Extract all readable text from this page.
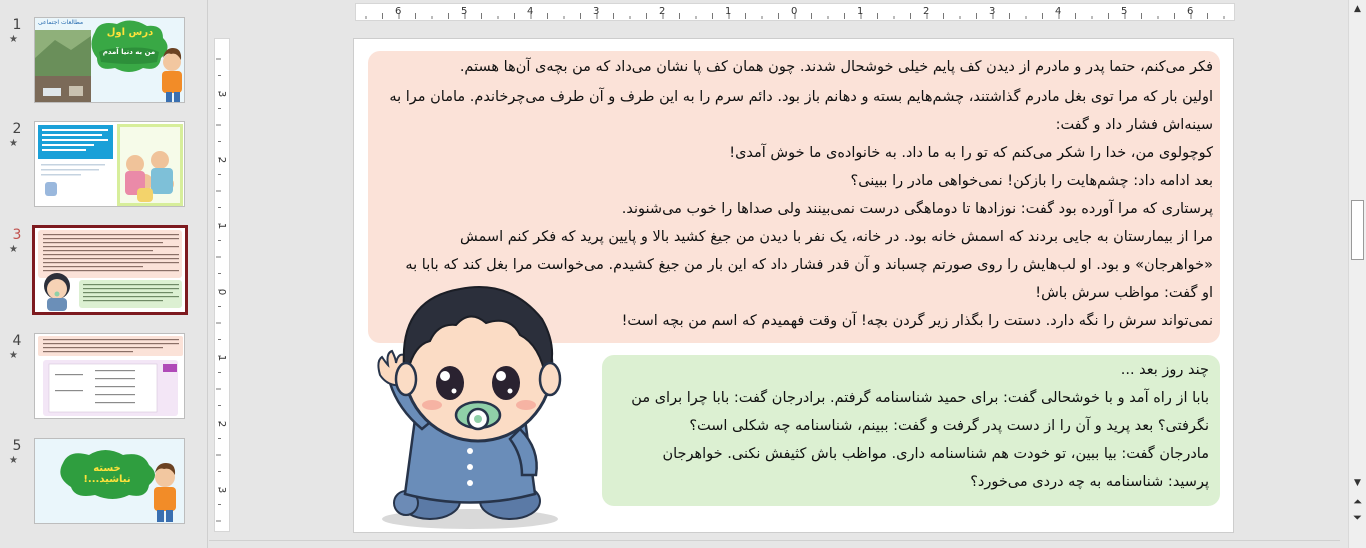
1
★
مطالعات اجتماعی
درس اول
من به دنیا آمدم
2
★
3
★
4
★
5
★
خسته نباشید...!
6	5	4	3	2	1	0	1	2	3	4	5	6
3
2
1
0
1
2
3
فکر می‌کنم، حتما پدر و مادرم از دیدن کف پایم خیلی خوشحال شدند. چون همان کف پا نشان می‌داد که من بچه‌ی آن‌ها هستم.
اولین بار که مرا توی بغل مادرم گذاشتند، چشم‌هایم بسته و دهانم باز بود. دائم سرم را به این طرف و آن طرف می‌چرخاندم. مامان مرا به
سینه‌اش فشار داد و گفت:
کوچولوی من، خدا را شکر می‌کنم که تو را به ما داد. به خانواده‌ی ما خوش آمدی!
بعد ادامه داد: چشم‌هایت را بازکن! نمی‌خواهی مادر را ببینی؟
پرستاری که مرا آورده بود گفت: نوزادها تا دوماهگی درست نمی‌بینند ولی صداها را خوب می‌شنوند.
مرا از بیمارستان به جایی بردند که اسمش خانه بود. در خانه، یک نفر با دیدن من جیغ کشید بالا و پایین پرید که فکر کنم اسمش
«خواهرجان» و بود. او لب‌هایش را روی صورتم چسباند و آن قدر فشار داد که این بار من جیغ کشیدم. می‌خواست مرا بغل کند که بابا به
او گفت: مواظب سرش باش!
نمی‌تواند سرش را نگه دارد. دستت را بگذار زیر گردن بچه! آن وقت فهمیدم که اسم من بچه است!
چند روز بعد ...
بابا از راه آمد و با خوشحالی گفت: برای حمید شناسنامه گرفتم. برادرجان گفت: بابا چرا برای من
نگرفتی؟ بعد پرید و آن را از دست پدر گرفت و گفت: ببینم، شناسنامه چه شکلی است؟
مادرجان گفت: بیا ببین، تو خودت هم شناسنامه داری. مواظب باش کثیفش نکنی. خواهرجان
پرسید: شناسنامه به چه دردی می‌خورد؟
▲
▼
⏶
⏷
